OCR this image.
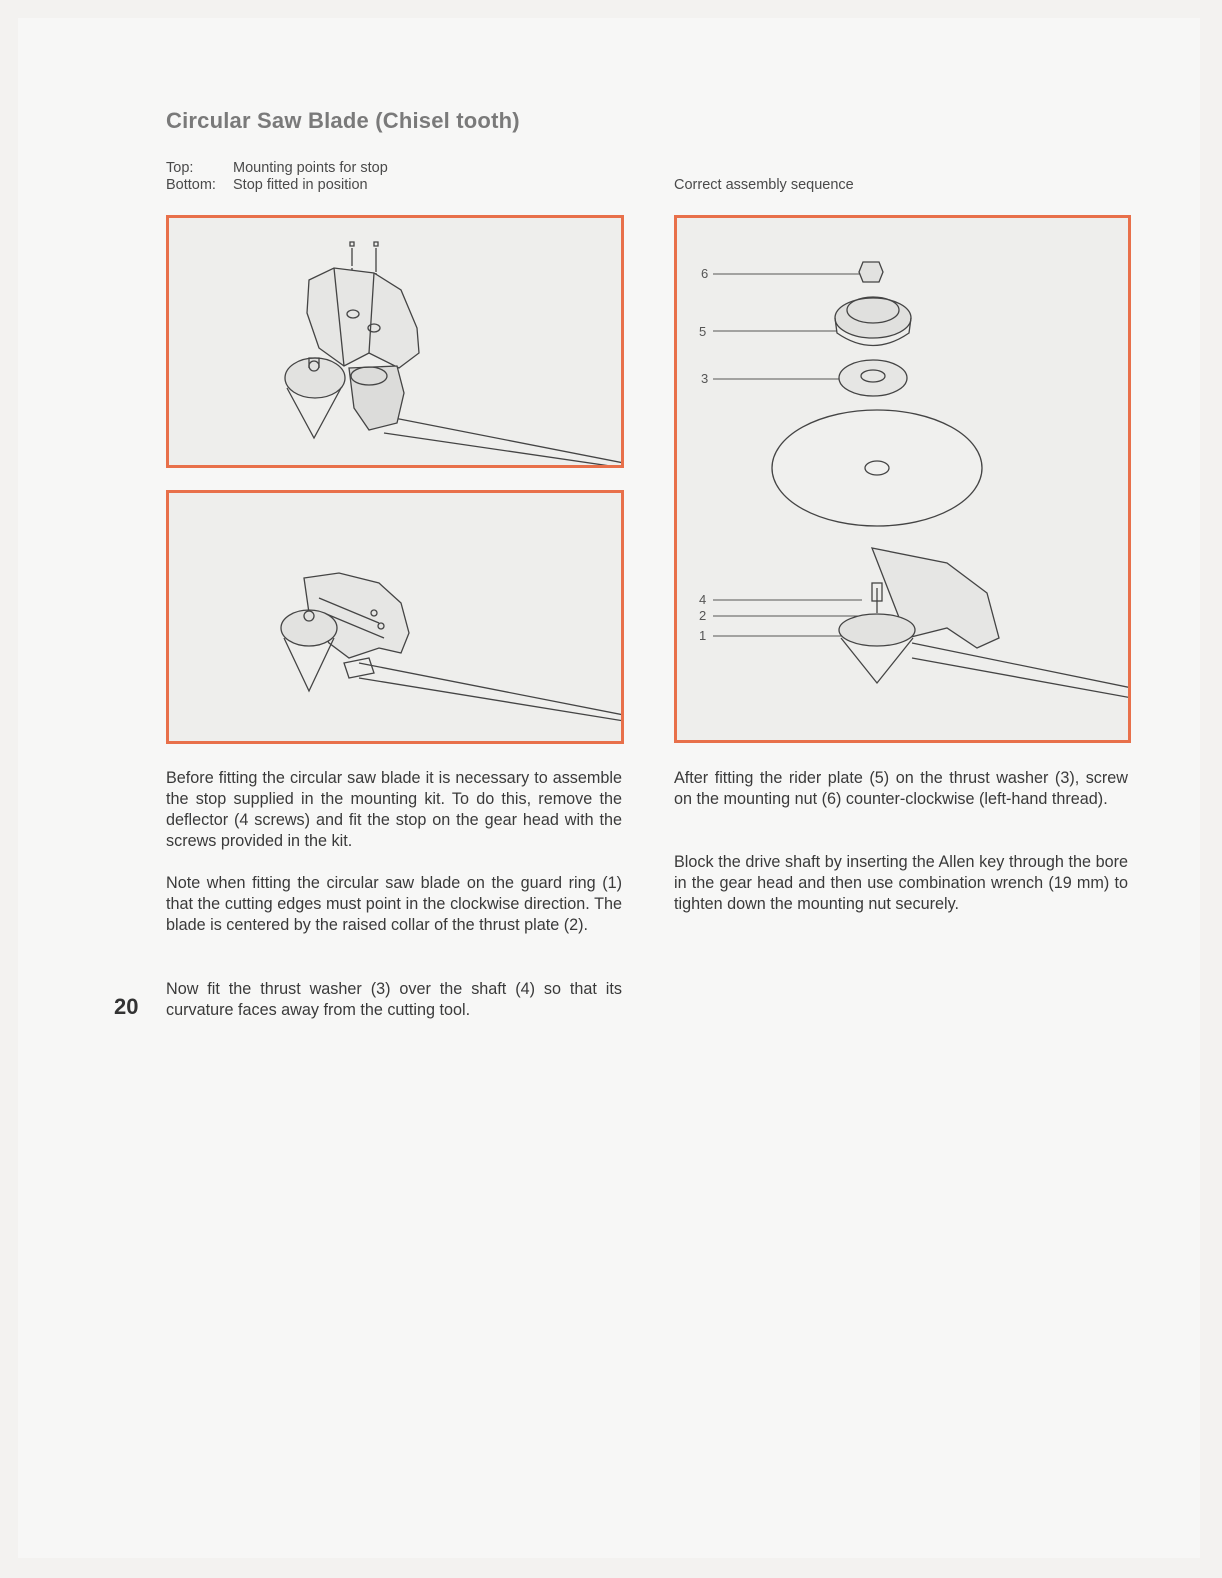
Circular Saw Blade (Chisel tooth)
Top:	Mounting points for stop
Bottom:	Stop fitted in position	Correct assembly sequence
6
5
3
4
2
1

Before fitting the circular saw blade it is necessary to assemble the stop supplied in the mounting kit. To do this, remove the deflector (4 screws) and fit the stop on the gear head with the screws provided in the kit.

Note when fitting the circular saw blade on the guard ring (1) that the cutting edges must point in the clockwise direction. The blade is centered by the raised collar of the thrust plate (2).

Now fit the thrust washer (3) over the shaft (4) so that its curvature faces away from the cutting tool.

After fitting the rider plate (5) on the thrust washer (3), screw on the mounting nut (6) counter-clockwise (left-hand thread).

Block the drive shaft by inserting the Allen key through the bore in the gear head and then use combination wrench (19 mm) to tighten down the mounting nut securely.

20
